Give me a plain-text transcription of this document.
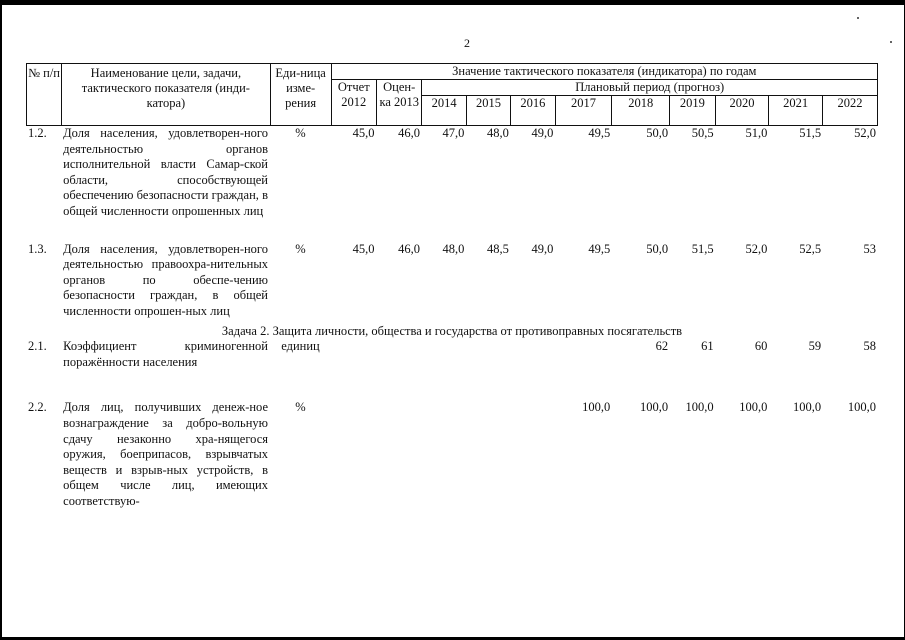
2
№ п/п	Наименование цели, задачи, тактического показателя (инди-катора)	Еди-ница изме-рения	Значение тактического показателя (индикатора) по годам										
			Отчет 2012	Оцен-ка 2013	Плановый период (прогноз)								
					2014	2015	2016	2017	2018	2019	2020	2021	2022
1.2.	Доля населения, удовлетворен-ного деятельностью органов исполнительной власти Самар-ской области, способствующей обеспечению безопасности граждан, в общей численности опрошенных лиц	%	45,0	46,0	47,0	48,0	49,0	49,5	50,0	50,5	51,0	51,5	52,0

1.3.	Доля населения, удовлетворен-ного деятельностью правоохра-нительных органов по обеспе-чению безопасности граждан, в общей численности опрошен-ных лиц	%	45,0	46,0	48,0	48,5	49,0	49,5	50,0	51,5	52,0	52,5	53

Задача 2. Защита личности, общества и государства от противоправных посягательств													
2.1.	Коэффициент криминогенной поражённости населения	единиц							62	61	60	59	58

2.2.	Доля лиц, получивших денеж-ное вознаграждение за добро-вольную сдачу незаконно хра-нящегося оружия, боеприпасов, взрывчатых веществ и взрыв-ных устройств, в общем числе лиц, имеющих соответствую-	%						100,0	100,0	100,0	100,0	100,0	100,0
